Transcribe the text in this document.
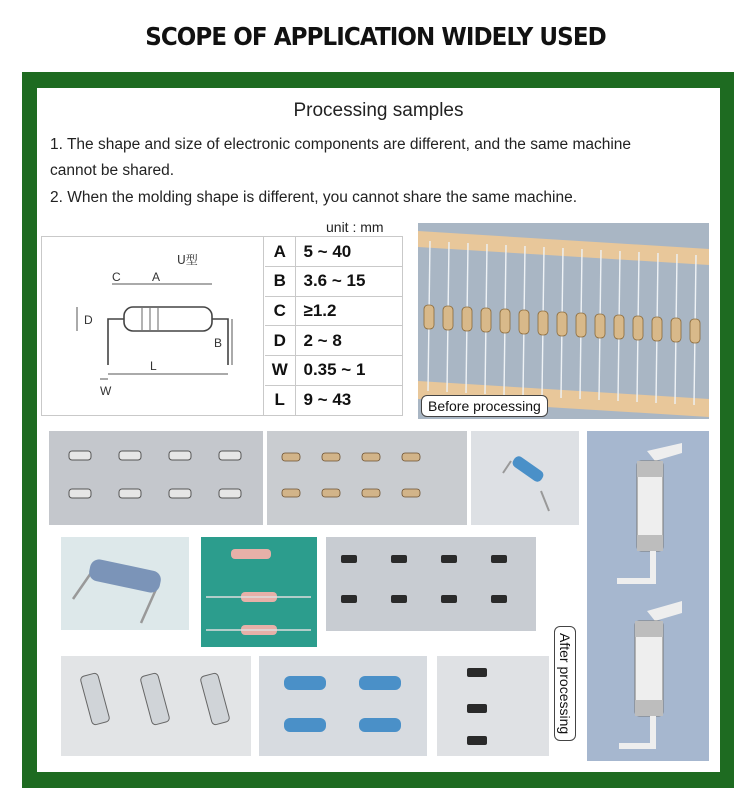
SCOPE OF APPLICATION WIDELY USED
Processing samples
1. The shape and size of electronic components are different, and the same machine
cannot be shared.
2. When the molding shape is different, you cannot share the same machine.
unit : mm
U型
C	A
D
B
L
W
A	5 ~ 40
B	3.6 ~ 15
C	≥1.2
D	2 ~ 8
W	0.35 ~ 1
L	9 ~ 43	Before processing
After processing
